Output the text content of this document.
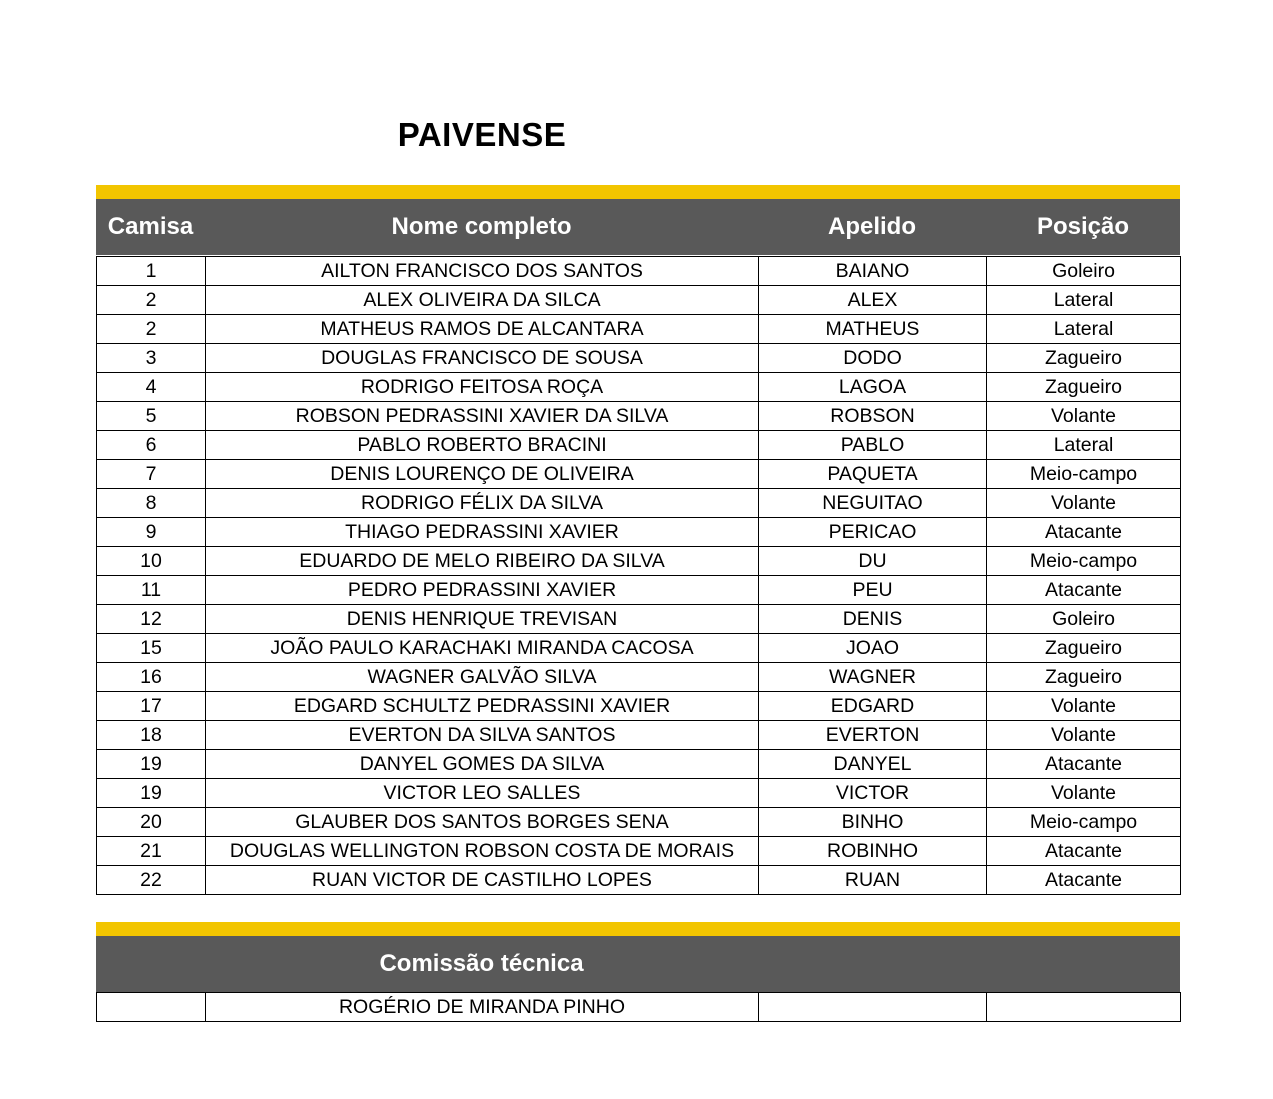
PAIVENSE
Camisa	Nome completo	Apelido	Posição
1	AILTON FRANCISCO DOS SANTOS	BAIANO	Goleiro
2	ALEX OLIVEIRA DA SILCA	ALEX	Lateral
2	MATHEUS RAMOS DE ALCANTARA	MATHEUS	Lateral
3	DOUGLAS FRANCISCO DE SOUSA	DODO	Zagueiro
4	RODRIGO FEITOSA ROÇA	LAGOA	Zagueiro
5	ROBSON PEDRASSINI XAVIER DA SILVA	ROBSON	Volante
6	PABLO ROBERTO BRACINI	PABLO	Lateral
7	DENIS LOURENÇO DE OLIVEIRA	PAQUETA	Meio-campo
8	RODRIGO FÉLIX DA SILVA	NEGUITAO	Volante
9	THIAGO PEDRASSINI XAVIER	PERICAO	Atacante
10	EDUARDO DE MELO RIBEIRO DA SILVA	DU	Meio-campo
11	PEDRO PEDRASSINI XAVIER	PEU	Atacante
12	DENIS HENRIQUE TREVISAN	DENIS	Goleiro
15	JOÃO PAULO KARACHAKI MIRANDA CACOSA	JOAO	Zagueiro
16	WAGNER GALVÃO SILVA	WAGNER	Zagueiro
17	EDGARD SCHULTZ PEDRASSINI XAVIER	EDGARD	Volante
18	EVERTON DA SILVA SANTOS	EVERTON	Volante
19	DANYEL GOMES DA SILVA	DANYEL	Atacante
19	VICTOR LEO SALLES	VICTOR	Volante
20	GLAUBER DOS SANTOS BORGES SENA	BINHO	Meio-campo
21	DOUGLAS WELLINGTON ROBSON COSTA DE MORAIS	ROBINHO	Atacante
22	RUAN VICTOR DE CASTILHO LOPES	RUAN	Atacante
Comissão técnica
	ROGÉRIO DE MIRANDA PINHO		
